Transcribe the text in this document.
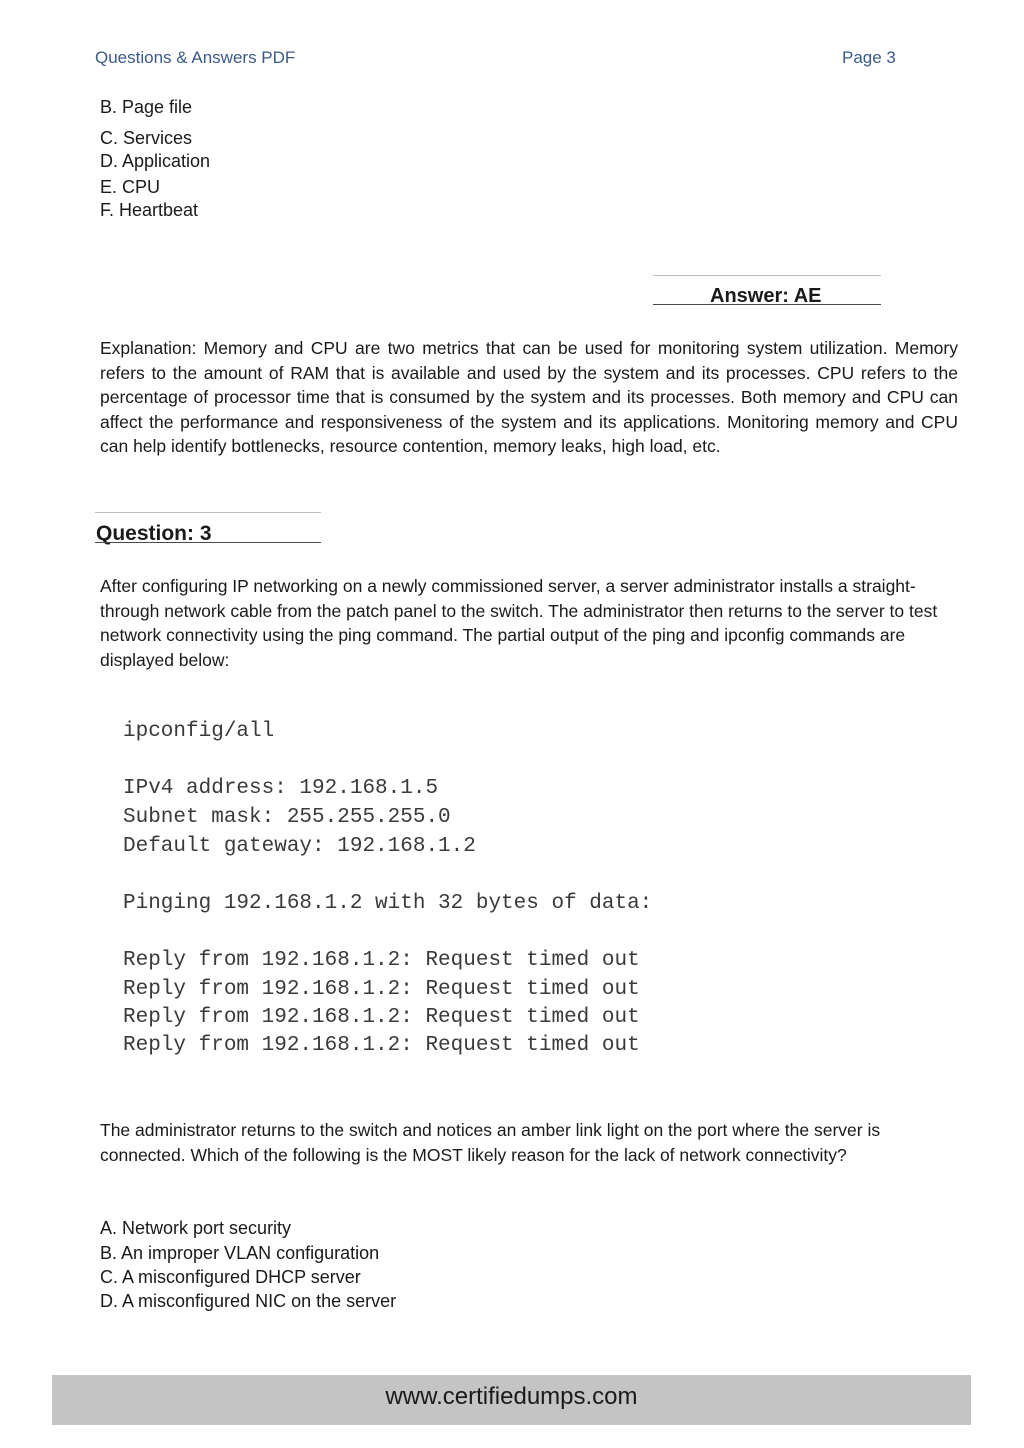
Questions & Answers PDF	Page 3
B. Page file
C. Services
D. Application
E. CPU
F. Heartbeat
Answer: AE
Explanation: Memory and CPU are two metrics that can be used for monitoring system utilization. Memory refers to the amount of RAM that is available and used by the system and its processes. CPU refers to the percentage of processor time that is consumed by the system and its processes. Both memory and CPU can affect the performance and responsiveness of the system and its applications. Monitoring memory and CPU can help identify bottlenecks, resource contention, memory leaks, high load, etc.
Question: 3
After configuring IP networking on a newly commissioned server, a server administrator installs a straight- through network cable from the patch panel to the switch. The administrator then returns to the server to test network connectivity using the ping command. The partial output of the ping and ipconfig commands are displayed below:
ipconfig/all
IPv4 address: 192.168.1.5
Subnet mask: 255.255.255.0
Default gateway: 192.168.1.2
Pinging 192.168.1.2 with 32 bytes of data:
Reply from 192.168.1.2: Request timed out
Reply from 192.168.1.2: Request timed out
Reply from 192.168.1.2: Request timed out
Reply from 192.168.1.2: Request timed out
The administrator returns to the switch and notices an amber link light on the port where the server is connected. Which of the following is the MOST likely reason for the lack of network connectivity?
A. Network port security
B. An improper VLAN configuration
C. A misconfigured DHCP server
D. A misconfigured NIC on the server
www.certifiedumps.com
